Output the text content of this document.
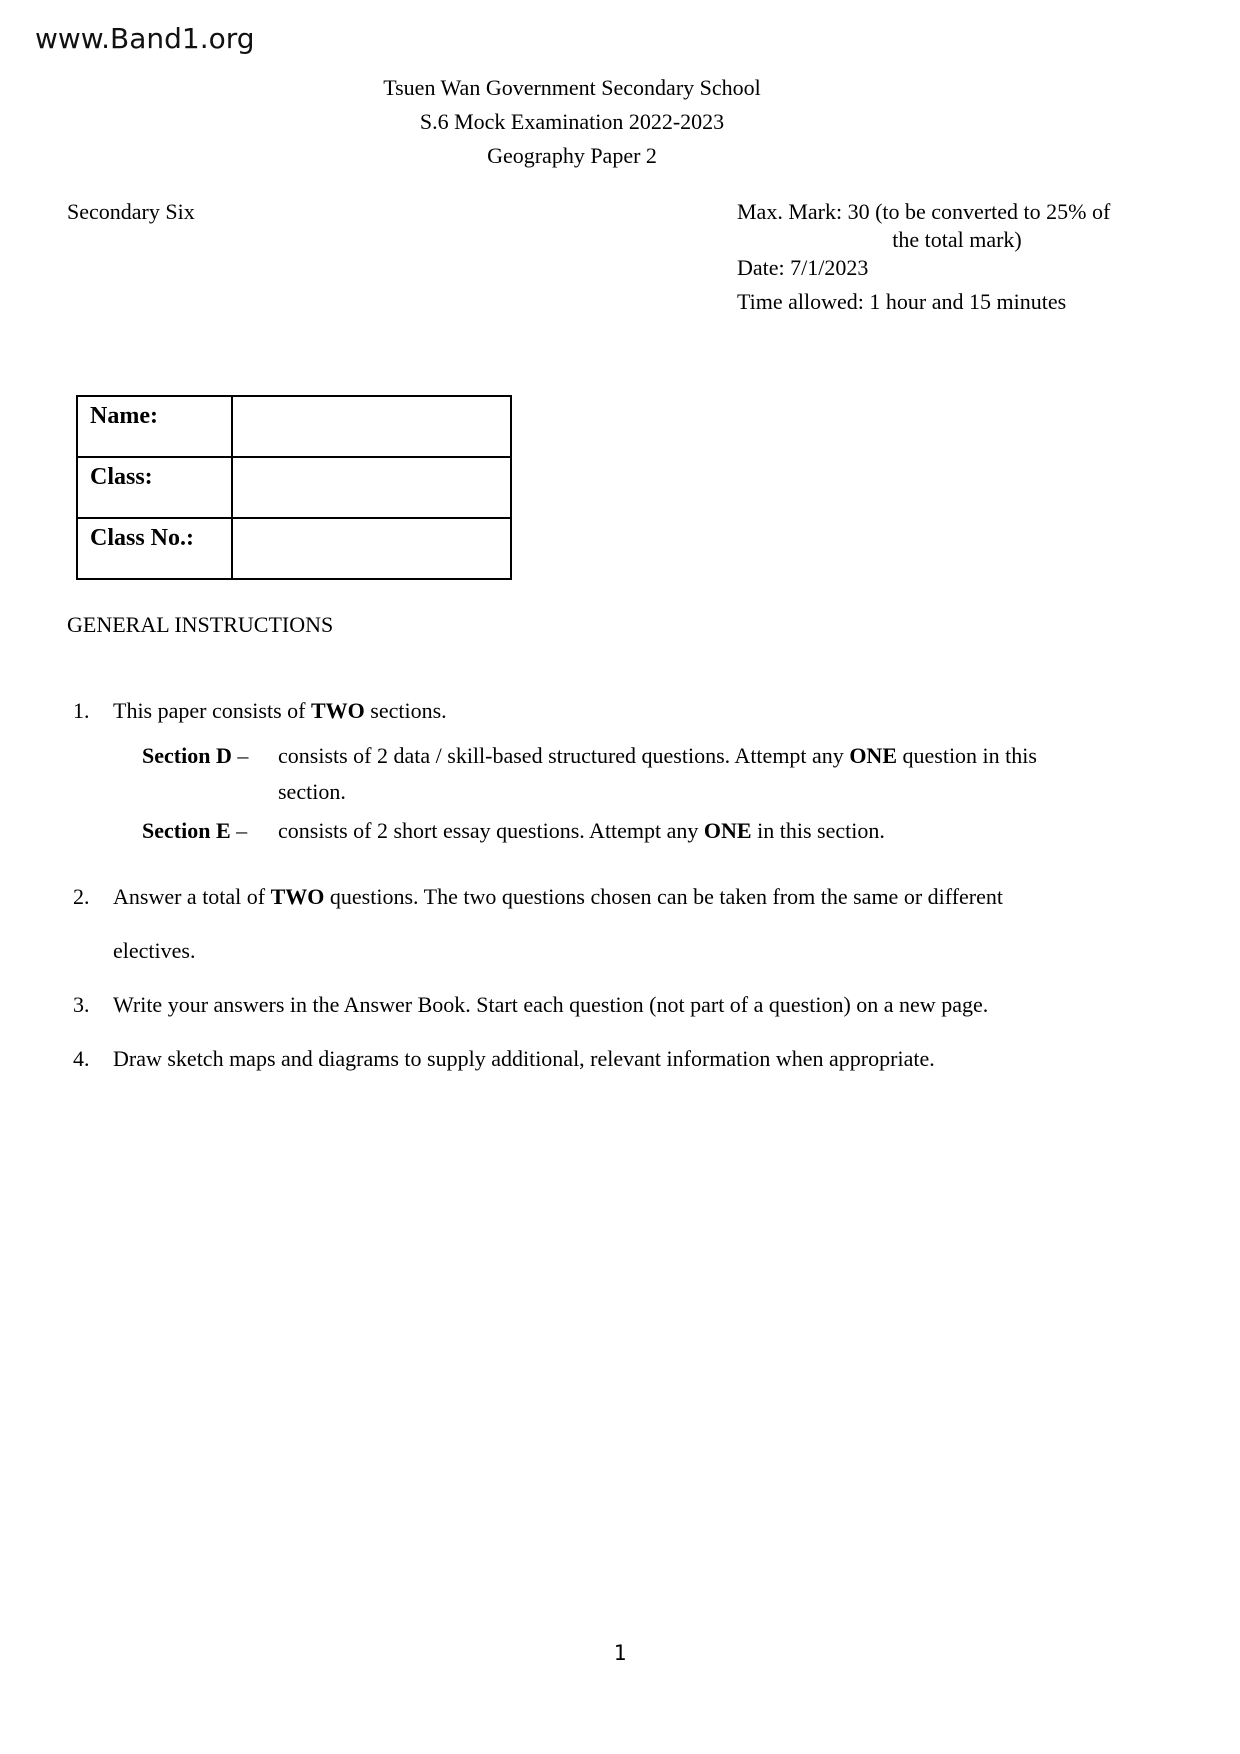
www.Band1.org
Tsuen Wan Government Secondary School
S.6 Mock Examination 2022-2023
Geography Paper 2
Secondary Six	Max. Mark: 30 (to be converted to 25% of
the total mark)
Date: 7/1/2023
Time allowed: 1 hour and 15 minutes
Name:	
Class:	
Class No.:	
GENERAL INSTRUCTIONS
1.	This paper consists of TWO sections.
Section D –	consists of 2 data / skill-based structured questions. Attempt any ONE question in this
section.
Section E –	consists of 2 short essay questions. Attempt any ONE in this section.
2.	Answer a total of TWO questions. The two questions chosen can be taken from the same or different
electives.
3.	Write your answers in the Answer Book. Start each question (not part of a question) on a new page.
4.	Draw sketch maps and diagrams to supply additional, relevant information when appropriate.
1
